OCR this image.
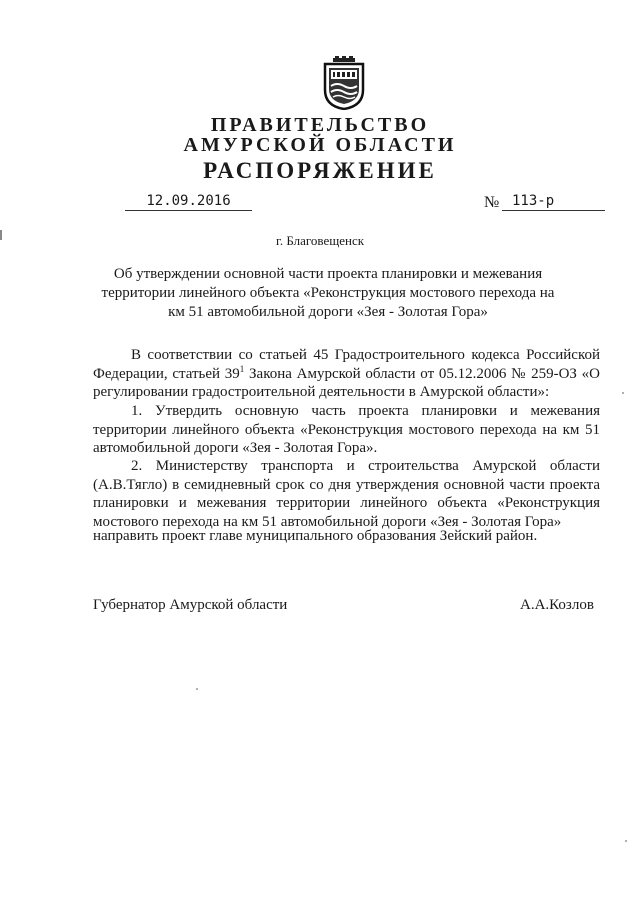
ПРАВИТЕЛЬСТВО
АМУРСКОЙ ОБЛАСТИ
РАСПОРЯЖЕНИЕ
12.09.2016	№ 113-р
г. Благовещенск
Об утверждении основной части проекта планировки и межевания территории линейного объекта «Реконструкция мостового перехода на км 51 автомобильной дороги «Зея - Золотая Гора»
В соответствии со статьей 45 Градостроительного кодекса Российской Федерации, статьей $39^1$ Закона Амурской области от 05.12.2006 № 259-ОЗ «О регулировании градостроительной деятельности в Амурской области»:
1. Утвердить основную часть проекта планировки и межевания территории линейного объекта «Реконструкция мостового перехода на км 51 автомобильной дороги «Зея - Золотая Гора».
2. Министерству транспорта и строительства Амурской области (А.В.Тягло) в семидневный срок со дня утверждения основной части проекта планировки и межевания территории линейного объекта «Реконструкция мостового перехода на км 51 автомобильной дороги «Зея - Золотая Гора»
направить проект главе муниципального образования Зейский район.
Губернатор Амурской области	А.А.Козлов
